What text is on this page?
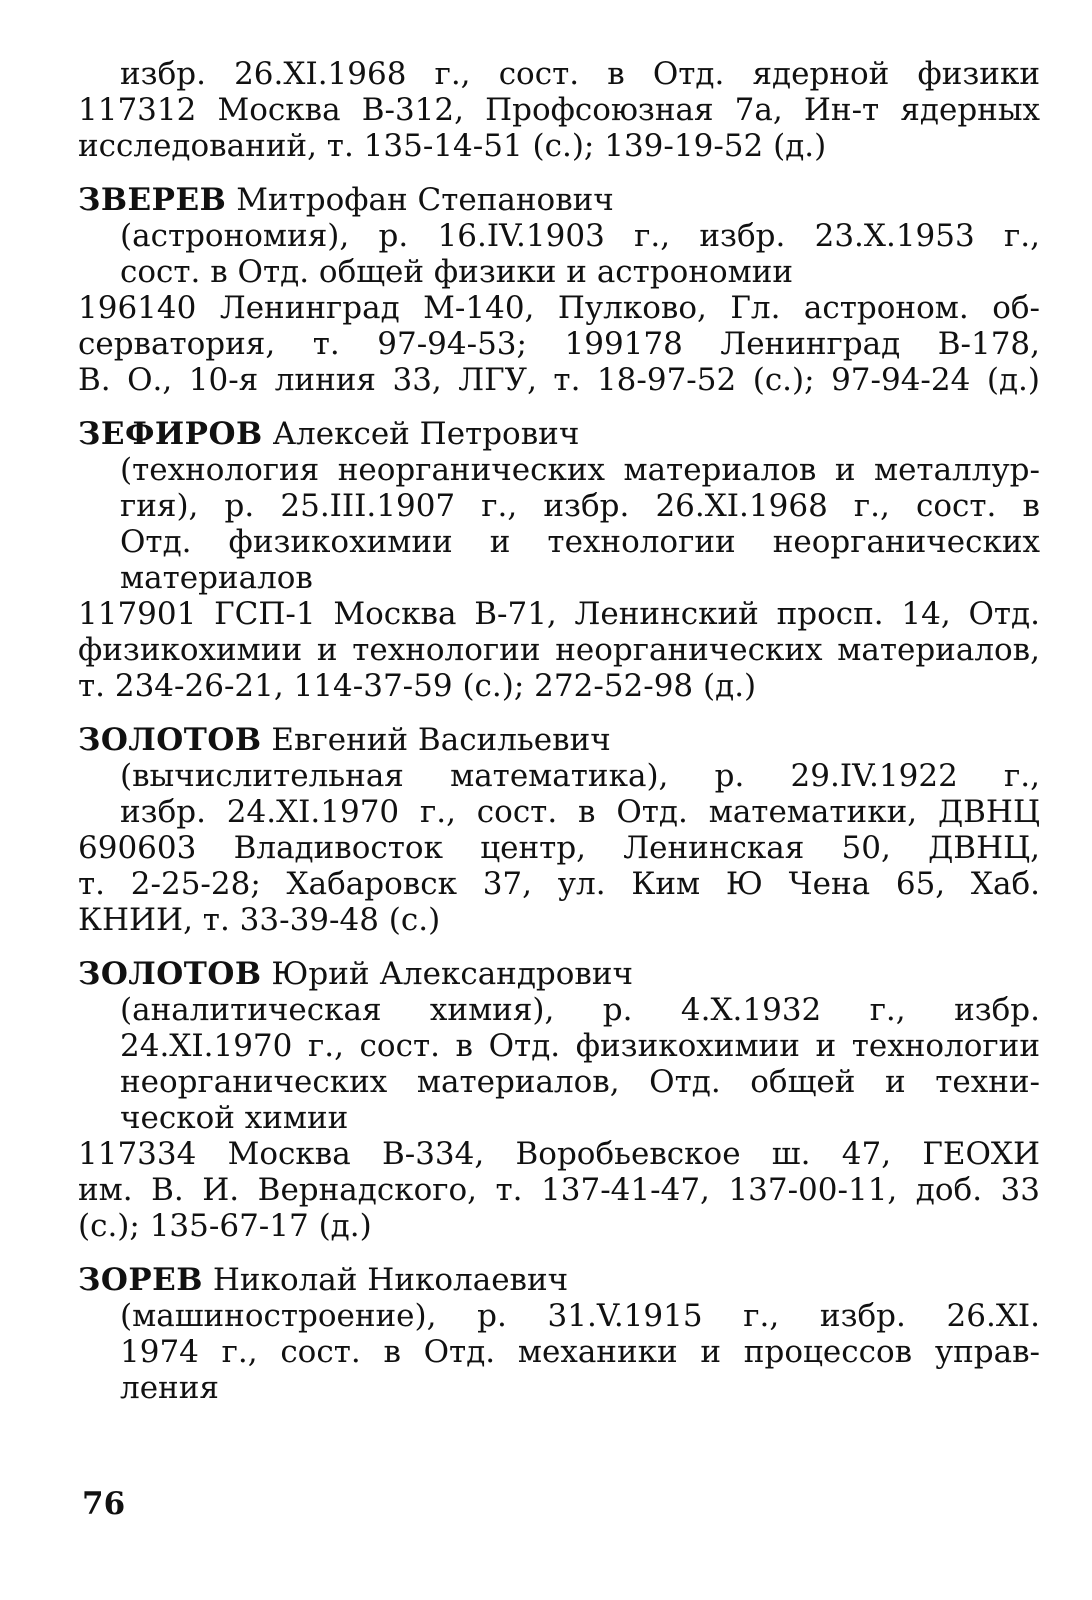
избр. 26.XI.1968 г., сост. в Отд. ядерной физики
117312 Москва В-312, Профсоюзная 7а, Ин-т ядерных
исследований, т. 135-14-51 (с.); 139-19-52 (д.)
ЗВЕРЕВ Митрофан Степанович
(астрономия), р. 16.IV.1903 г., избр. 23.X.1953 г.,
сост. в Отд. общей физики и астрономии
196140 Ленинград М-140, Пулково, Гл. астроном. об-
серватория, т. 97-94-53; 199178 Ленинград В-178,
В. О., 10-я линия 33, ЛГУ, т. 18-97-52 (с.); 97-94-24 (д.)
ЗЕФИРОВ Алексей Петрович
(технология неорганических материалов и металлур-
гия), р. 25.III.1907 г., избр. 26.XI.1968 г., сост. в
Отд. физикохимии и технологии неорганических
материалов
117901 ГСП-1 Москва В-71, Ленинский просп. 14, Отд.
физикохимии и технологии неорганических материалов,
т. 234-26-21, 114-37-59 (с.); 272-52-98 (д.)
ЗОЛОТОВ Евгений Васильевич
(вычислительная математика), р. 29.IV.1922 г.,
избр. 24.XI.1970 г., сост. в Отд. математики, ДВНЦ
690603 Владивосток центр, Ленинская 50, ДВНЦ,
т. 2-25-28; Хабаровск 37, ул. Ким Ю Чена 65, Хаб.
КНИИ, т. 33-39-48 (с.)
ЗОЛОТОВ Юрий Александрович
(аналитическая химия), р. 4.X.1932 г., избр.
24.XI.1970 г., сост. в Отд. физикохимии и технологии
неорганических материалов, Отд. общей и техни-
ческой химии
117334 Москва В-334, Воробьевское ш. 47, ГЕОХИ
им. В. И. Вернадского, т. 137-41-47, 137-00-11, доб. 33
(с.); 135-67-17 (д.)
ЗОРЕВ Николай Николаевич
(машиностроение), р. 31.V.1915 г., избр. 26.XI.
1974 г., сост. в Отд. механики и процессов управ-
ления
76
